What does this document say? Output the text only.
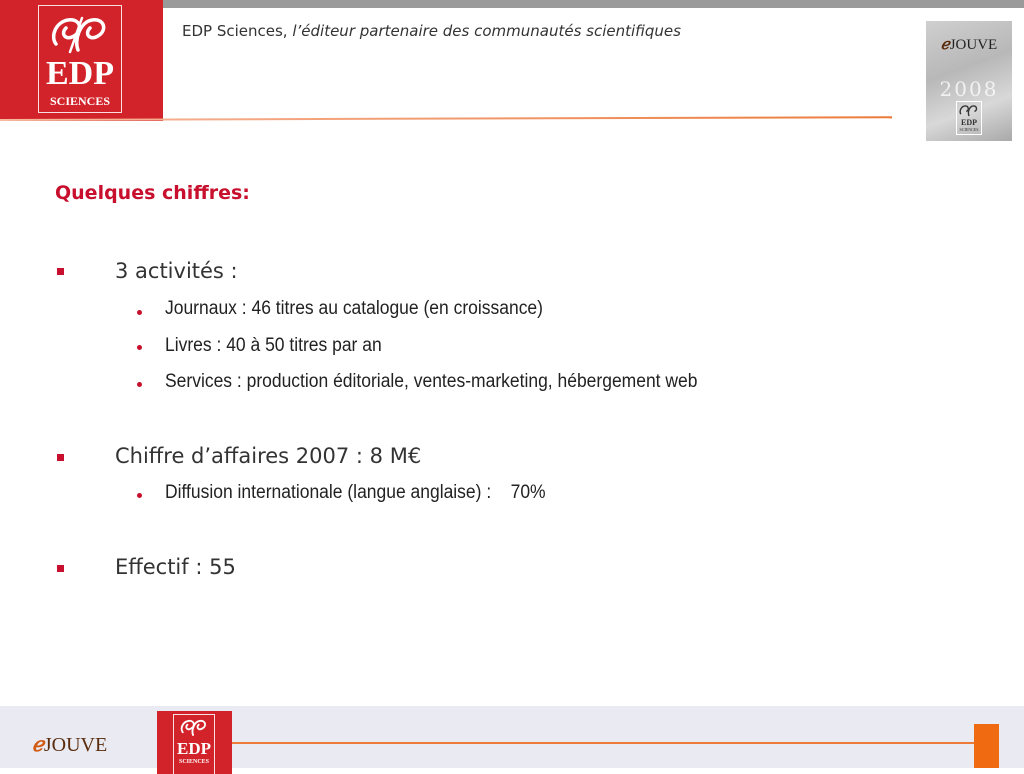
EDP
SCIENCES
EDP Sciences, l’éditeur partenaire des communautés scientifiques
ℯJOUVE
2008
EDP
SCIENCES
Quelques chiffres:
3 activités :
Journaux : 46 titres au catalogue (en croissance)
Livres : 40 à 50 titres par an
Services : production éditoriale, ventes-marketing, hébergement web
Chiffre d’affaires 2007 : 8 M€
Diffusion internationale (langue anglaise) :    70%
Effectif : 55
ℯJOUVE	EDP
SCIENCES
